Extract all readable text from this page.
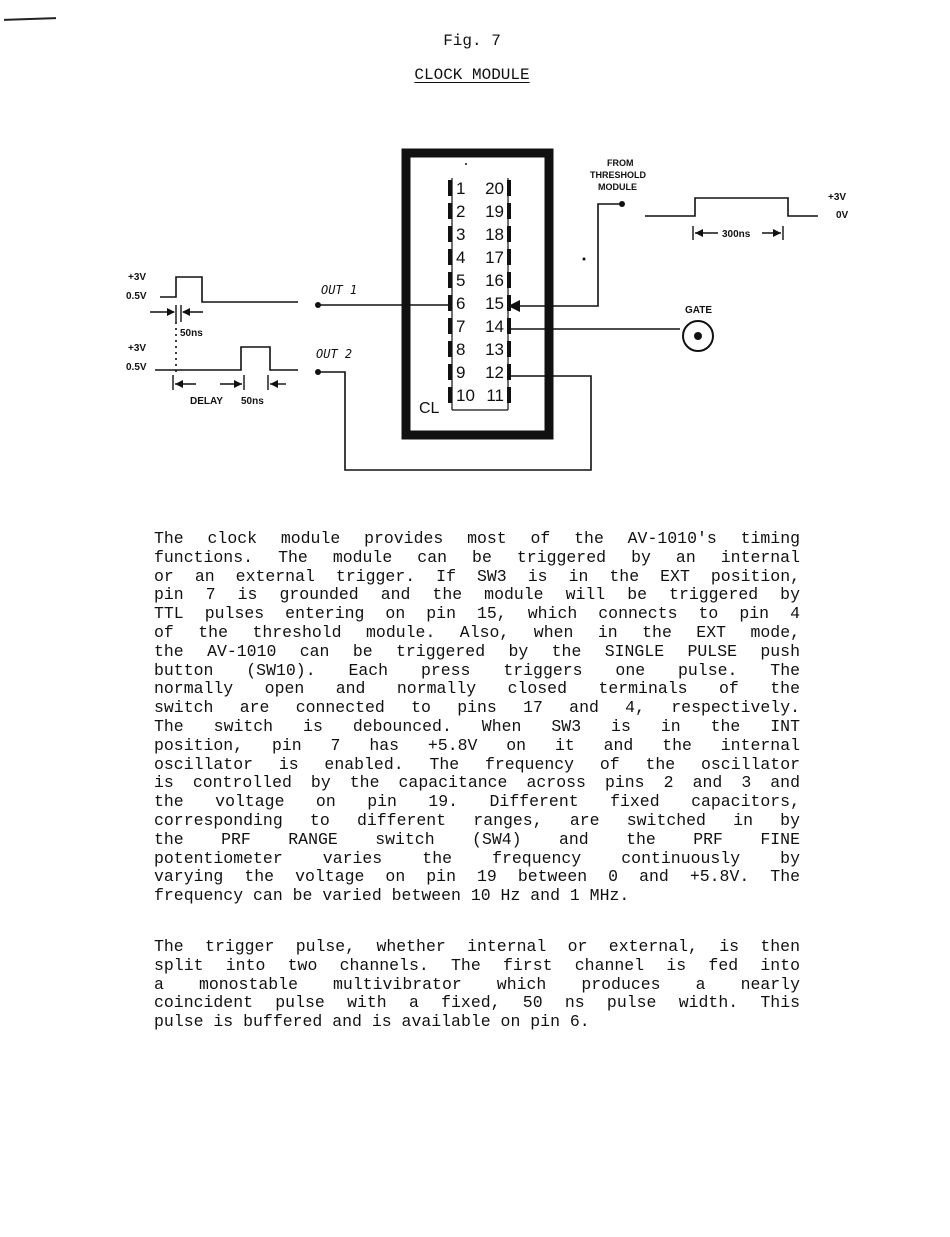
Fig. 7
CLOCK MODULE
1
2
3
4
5
6
7
8
9
10
20
19
18
17
16
15
14
13
12
11
CL
FROM
THRESHOLD
MODULE
+3V
0V
300ns
GATE
+3V
0.5V	OUT 1
50ns
+3V
0.5V
OUT 2
DELAY 50ns
The clock module provides most of the AV-1010's timing
functions. The module can be triggered by an internal
or an external trigger. If SW3 is in the EXT position,
pin 7 is grounded and the module will be triggered by
TTL pulses entering on pin 15, which connects to pin 4
of the threshold module. Also, when in the EXT mode,
the AV-1010 can be triggered by the SINGLE PULSE push
button (SW10). Each press triggers one pulse. The
normally open and normally closed terminals of the
switch are connected to pins 17 and 4, respectively.
The switch is debounced. When SW3 is in the INT
position, pin 7 has +5.8V on it and the internal
oscillator is enabled. The frequency of the oscillator
is controlled by the capacitance across pins 2 and 3 and
the voltage on pin 19. Different fixed capacitors,
corresponding to different ranges, are switched in by
the PRF RANGE switch (SW4) and the PRF FINE
potentiometer varies the frequency continuously by
varying the voltage on pin 19 between 0 and +5.8V. The
frequency can be varied between 10 Hz and 1 MHz.
The trigger pulse, whether internal or external, is then
split into two channels. The first channel is fed into
a monostable multivibrator which produces a nearly
coincident pulse with a fixed, 50 ns pulse width. This
pulse is buffered and is available on pin 6.
